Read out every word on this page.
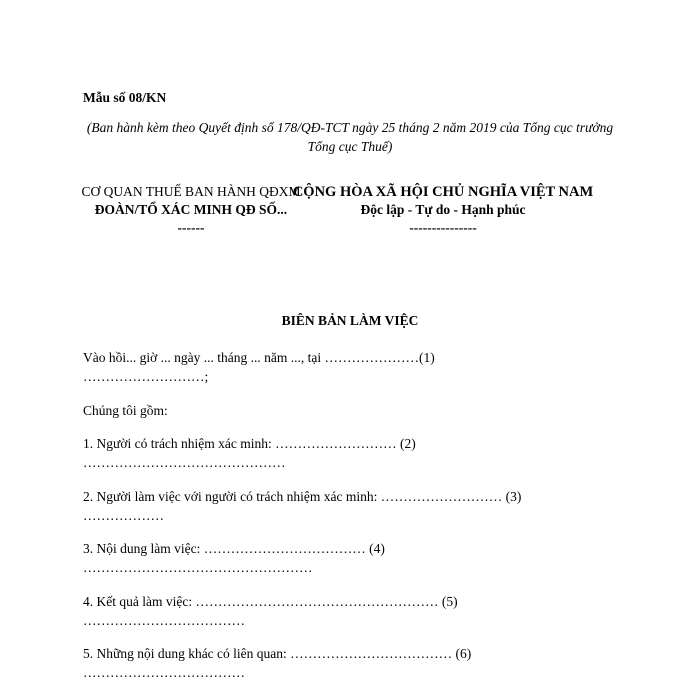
Mẫu số 08/KN
(Ban hành kèm theo Quyết định số 178/QĐ-TCT ngày 25 tháng 2 năm 2019 của Tổng cục trưởng Tổng cục Thuế)
CƠ QUAN THUẾ BAN HÀNH QĐXM
ĐOÀN/TỔ XÁC MINH QĐ SỐ...
------
CỘNG HÒA XÃ HỘI CHỦ NGHĨA VIỆT NAM
Độc lập - Tự do - Hạnh phúc
---------------
BIÊN BẢN LÀM VIỆC
Vào hồi... giờ ... ngày ... tháng ... năm ..., tại …………………(1)
………………………;
Chúng tôi gồm:
1. Người có trách nhiệm xác minh: ……………………… (2)
………………………………………
2. Người làm việc với người có trách nhiệm xác minh: ……………………… (3)
………………
3. Nội dung làm việc: ……………………………… (4)
……………………………………………
4. Kết quả làm việc: ……………………………………………… (5)
………………………………
5. Những nội dung khác có liên quan: ……………………………… (6)
………………………………
